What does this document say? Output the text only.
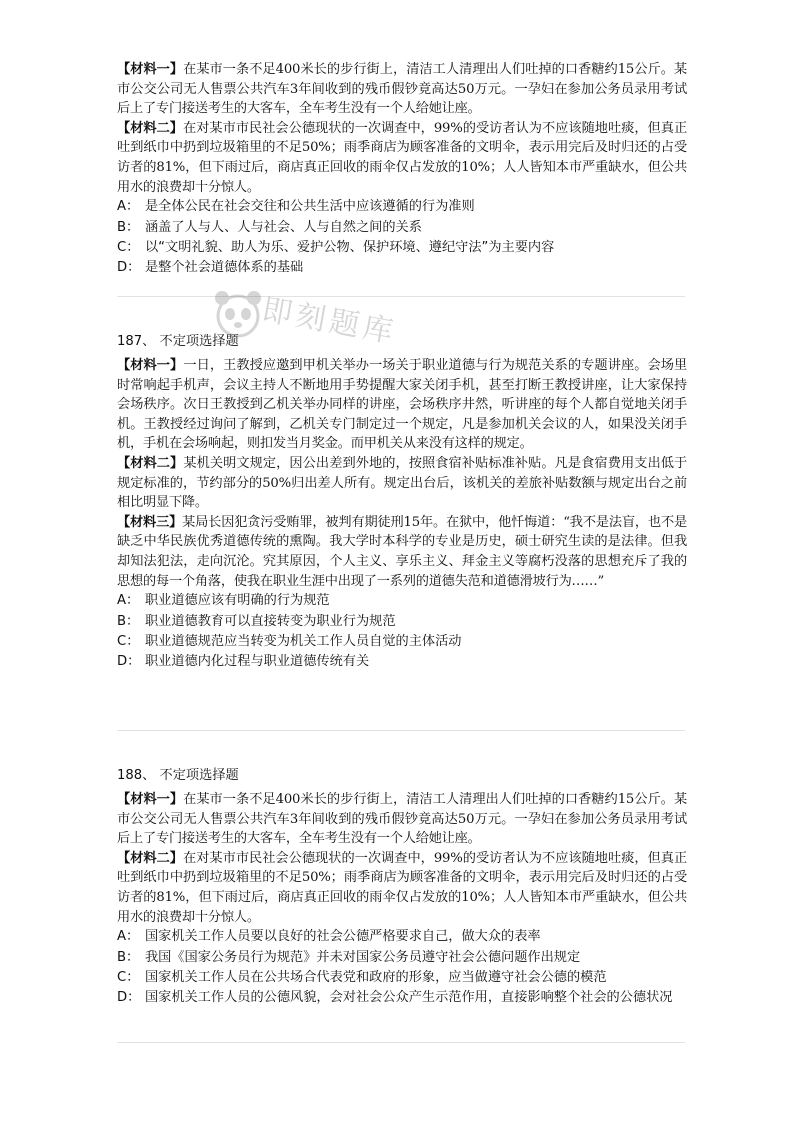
【材料一】在某市一条不足400米长的步行街上，清洁工人清理出人们吐掉的口香糖约15公斤。某市公交公司无人售票公共汽车3年间收到的残币假钞竟高达50万元。一孕妇在参加公务员录用考试后上了专门接送考生的大客车，全车考生没有一个人给她让座。

【材料二】在对某市市民社会公德现状的一次调查中，99%的受访者认为不应该随地吐痰，但真正吐到纸巾中扔到垃圾箱里的不足50%；雨季商店为顾客准备的文明伞，表示用完后及时归还的占受访者的81%，但下雨过后，商店真正回收的雨伞仅占发放的10%；人人皆知本市严重缺水，但公共用水的浪费却十分惊人。

A： 是全体公民在社会交往和公共生活中应该遵循的行为准则

B： 涵盖了人与人、人与社会、人与自然之间的关系

C： 以“文明礼貌、助人为乐、爱护公物、保护环境、遵纪守法”为主要内容

D： 是整个社会道德体系的基础

即刻题库
187、 不定项选择题

【材料一】一日，王教授应邀到甲机关举办一场关于职业道德与行为规范关系的专题讲座。会场里时常响起手机声，会议主持人不断地用手势提醒大家关闭手机，甚至打断王教授讲座，让大家保持会场秩序。次日王教授到乙机关举办同样的讲座，会场秩序井然，听讲座的每个人都自觉地关闭手机。王教授经过询问了解到，乙机关专门制定过一个规定，凡是参加机关会议的人，如果没关闭手机，手机在会场响起，则扣发当月奖金。而甲机关从来没有这样的规定。

【材料二】某机关明文规定，因公出差到外地的，按照食宿补贴标准补贴。凡是食宿费用支出低于规定标准的，节约部分的50%归出差人所有。规定出台后，该机关的差旅补贴数额与规定出台之前相比明显下降。

【材料三】某局长因犯贪污受贿罪，被判有期徒刑15年。在狱中，他忏悔道：“我不是法盲，也不是缺乏中华民族优秀道德传统的熏陶。我大学时本科学的专业是历史，硕士研究生读的是法律。但我却知法犯法，走向沉沦。究其原因，个人主义、享乐主义、拜金主义等腐朽没落的思想充斥了我的思想的每一个角落，使我在职业生涯中出现了一系列的道德失范和道德滑坡行为……”

A： 职业道德应该有明确的行为规范

B： 职业道德教育可以直接转变为职业行为规范

C： 职业道德规范应当转变为机关工作人员自觉的主体活动

D： 职业道德内化过程与职业道德传统有关

188、 不定项选择题

【材料一】在某市一条不足400米长的步行街上，清洁工人清理出人们吐掉的口香糖约15公斤。某市公交公司无人售票公共汽车3年间收到的残币假钞竟高达50万元。一孕妇在参加公务员录用考试后上了专门接送考生的大客车，全车考生没有一个人给她让座。

【材料二】在对某市市民社会公德现状的一次调查中，99%的受访者认为不应该随地吐痰，但真正吐到纸巾中扔到垃圾箱里的不足50%；雨季商店为顾客准备的文明伞，表示用完后及时归还的占受访者的81%，但下雨过后，商店真正回收的雨伞仅占发放的10%；人人皆知本市严重缺水，但公共用水的浪费却十分惊人。

A： 国家机关工作人员要以良好的社会公德严格要求自己，做大众的表率

B： 我国《国家公务员行为规范》并未对国家公务员遵守社会公德问题作出规定

C： 国家机关工作人员在公共场合代表党和政府的形象，应当做遵守社会公德的模范

D： 国家机关工作人员的公德风貌，会对社会公众产生示范作用，直接影响整个社会的公德状况
